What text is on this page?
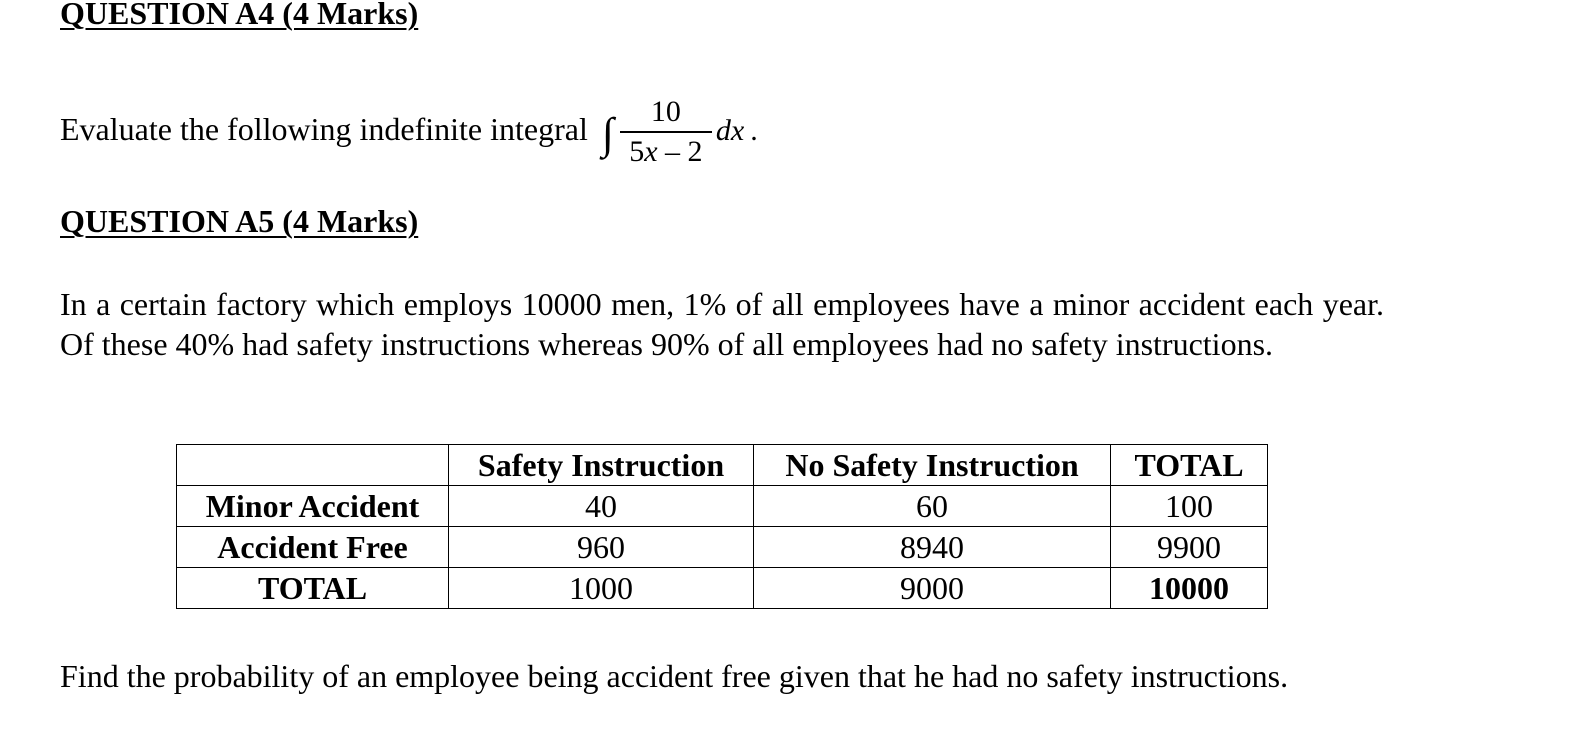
QUESTION A4 (4 Marks)
Evaluate the following indefinite integral ∫ $\frac{10}{5x - 2}$ dx .
QUESTION A5 (4 Marks)
In a certain factory which employs 10000 men, 1% of all employees have a minor accident each year. Of these 40% had safety instructions whereas 90% of all employees had no safety instructions.
	Safety Instruction	No Safety Instruction	TOTAL
Minor Accident	40	60	100
Accident Free	960	8940	9900
TOTAL	1000	9000	10000
Find the probability of an employee being accident free given that he had no safety instructions.
